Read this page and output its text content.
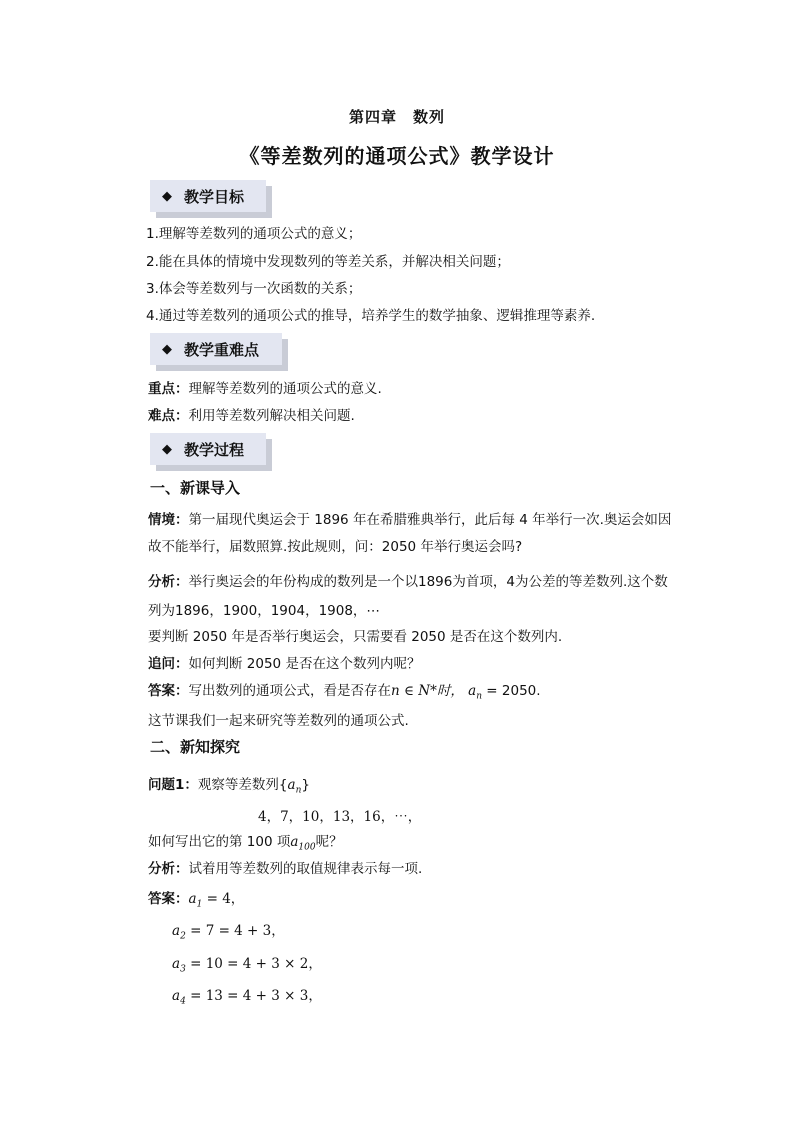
第四章　数列
《等差数列的通项公式》教学设计
◆ 教学目标
1.理解等差数列的通项公式的意义；
2.能在具体的情境中发现数列的等差关系，并解决相关问题；
3.体会等差数列与一次函数的关系；
4.通过等差数列的通项公式的推导，培养学生的数学抽象、逻辑推理等素养.
◆ 教学重难点
重点：理解等差数列的通项公式的意义.
难点：利用等差数列解决相关问题.
◆ 教学过程
一、新课导入
情境：第一届现代奥运会于 1896 年在希腊雅典举行，此后每 4 年举行一次.奥运会如因
故不能举行，届数照算.按此规则，问：2050 年举行奥运会吗?
分析：举行奥运会的年份构成的数列是一个以1896为首项，4为公差的等差数列.这个数
列为1896，1900，1904，1908，⋯
要判断 2050 年是否举行奥运会，只需要看 2050 是否在这个数列内.
追问：如何判断 2050 是否在这个数列内呢？
答案：写出数列的通项公式，看是否存在n ∈ N*时， $a_n = 2050$.
这节课我们一起来研究等差数列的通项公式.
二、新知探究
问题1：观察等差数列$\{a_n\}$
4，7，10，13，16，⋯，
如何写出它的第 100 项$a_{100}$呢？
分析：试着用等差数列的取值规律表示每一项.
答案：$a_1 = 4$，
$a_2 = 7 = 4 + 3$，
$a_3 = 10 = 4 + 3 \times 2$，
$a_4 = 13 = 4 + 3 \times 3$，
